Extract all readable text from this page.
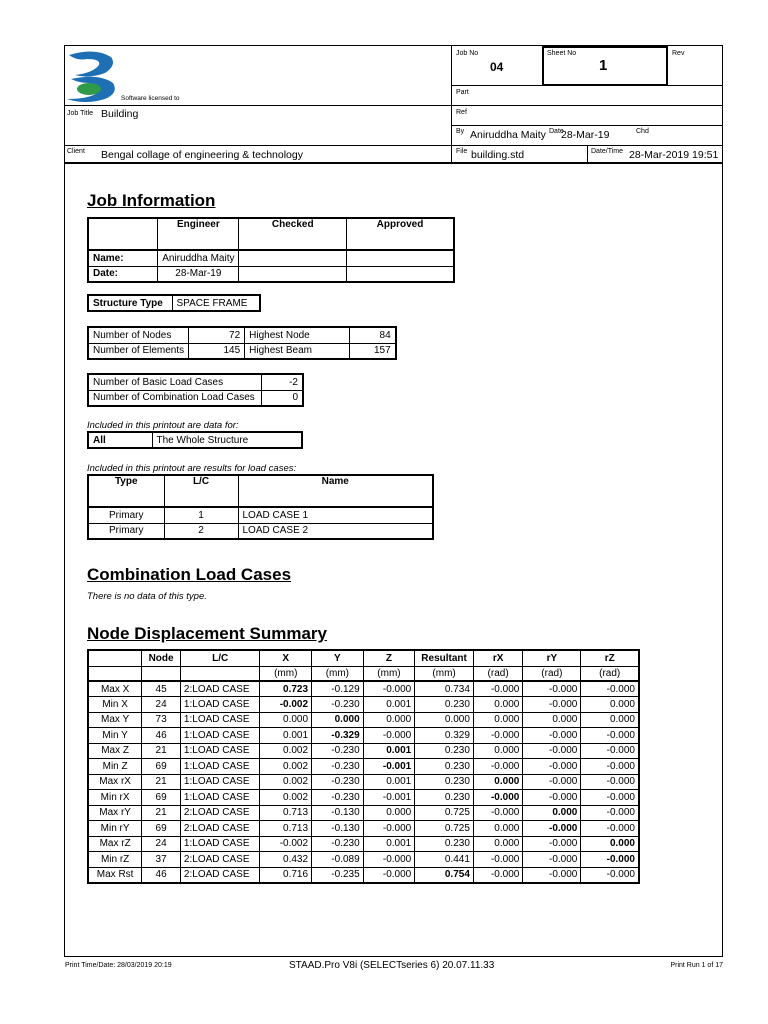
Software licensed to
Job No
04
Sheet No
1
Rev
Part
Job Title Building	Ref
By Aniruddha Maity Date
28-Mar-19	Chd
Client Bengal collage of engineering & technology	File building.std	Date/Time 28-Mar-2019 19:51
Job Information
	Engineer	Checked	Approved
Name:	Aniruddha Maity		
Date:	28-Mar-19		
Structure Type	SPACE FRAME
Number of Nodes	72	Highest Node	84
Number of Elements	145	Highest Beam	157
Number of Basic Load Cases	-2
Number of Combination Load Cases	0
Included in this printout are data for:
All	The Whole Structure
Included in this printout are results for load cases:
Type	L/C	Name
Primary	1	LOAD CASE 1
Primary	2	LOAD CASE 2
Combination Load Cases
There is no data of this type.
Node Displacement Summary
	Node	L/C	X	Y	Z	Resultant	rX	rY	rZ
			(mm)	(mm)	(mm)	(mm)	(rad)	(rad)	(rad)
Max X	45	2:LOAD CASE	0.723	-0.129	-0.000	0.734	-0.000	-0.000	-0.000
Min X	24	1:LOAD CASE	-0.002	-0.230	0.001	0.230	0.000	-0.000	0.000
Max Y	73	1:LOAD CASE	0.000	0.000	0.000	0.000	0.000	0.000	0.000
Min Y	46	1:LOAD CASE	0.001	-0.329	-0.000	0.329	-0.000	-0.000	-0.000
Max Z	21	1:LOAD CASE	0.002	-0.230	0.001	0.230	0.000	-0.000	-0.000
Min Z	69	1:LOAD CASE	0.002	-0.230	-0.001	0.230	-0.000	-0.000	-0.000
Max rX	21	1:LOAD CASE	0.002	-0.230	0.001	0.230	0.000	-0.000	-0.000
Min rX	69	1:LOAD CASE	0.002	-0.230	-0.001	0.230	-0.000	-0.000	-0.000
Max rY	21	2:LOAD CASE	0.713	-0.130	0.000	0.725	-0.000	0.000	-0.000
Min rY	69	2:LOAD CASE	0.713	-0.130	-0.000	0.725	0.000	-0.000	-0.000
Max rZ	24	1:LOAD CASE	-0.002	-0.230	0.001	0.230	0.000	-0.000	0.000
Min rZ	37	2:LOAD CASE	0.432	-0.089	-0.000	0.441	-0.000	-0.000	-0.000
Max Rst	46	2:LOAD CASE	0.716	-0.235	-0.000	0.754	-0.000	-0.000	-0.000
Print Time/Date: 28/03/2019 20:19	STAAD.Pro V8i (SELECTseries 6) 20.07.11.33	Print Run 1 of 17
